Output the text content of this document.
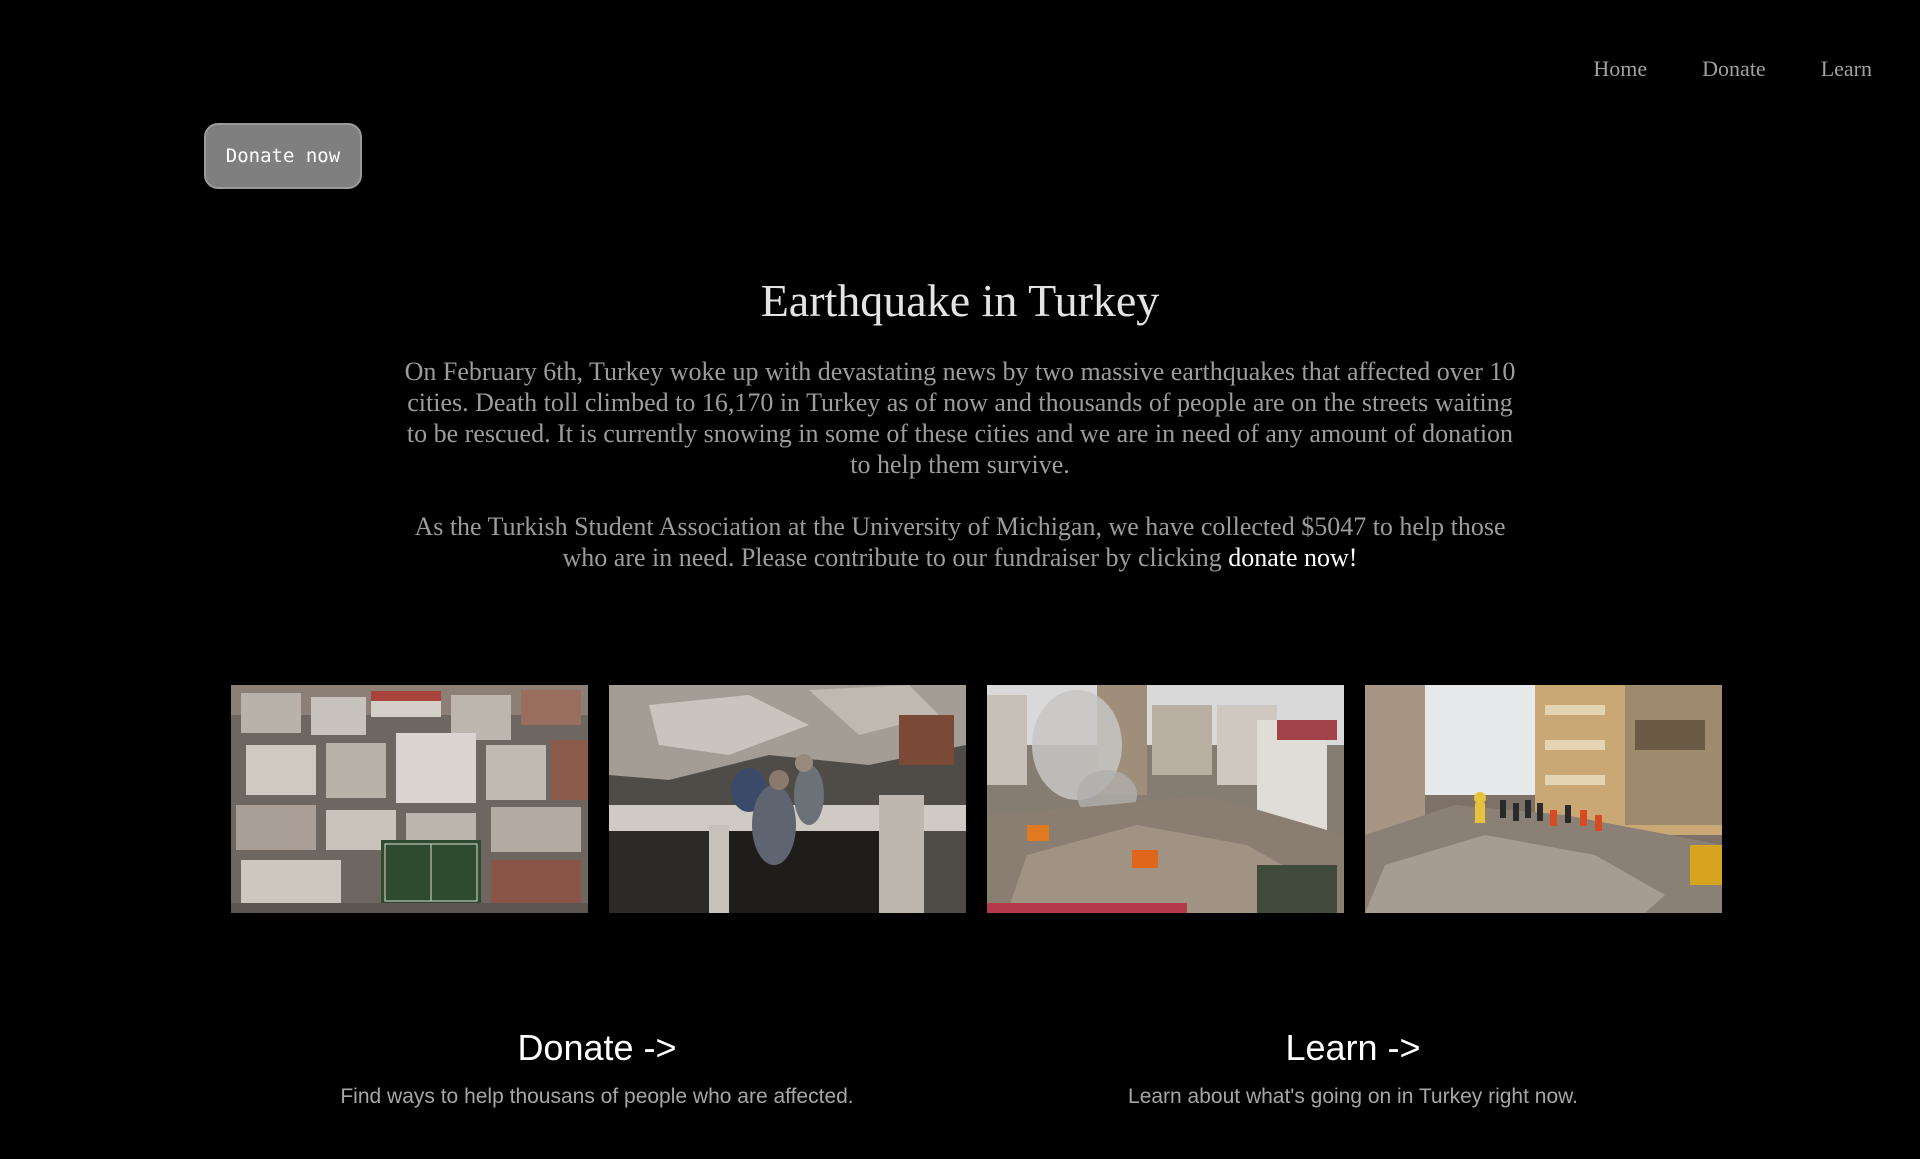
Home	Donate	Learn
Donate now
Earthquake in Turkey

On February 6th, Turkey woke up with devastating news by two massive earthquakes that affected over 10 cities. Death toll climbed to 16,170 in Turkey as of now and thousands of people are on the streets waiting to be rescued. It is currently snowing in some of these cities and we are in need of any amount of donation to help them survive.

As the Turkish Student Association at the University of Michigan, we have collected $5047 to help those who are in need. Please contribute to our fundraiser by clicking donate now!

Donate ->

Find ways to help thousans of people who are affected.

Learn ->

Learn about what's going on in Turkey right now.
